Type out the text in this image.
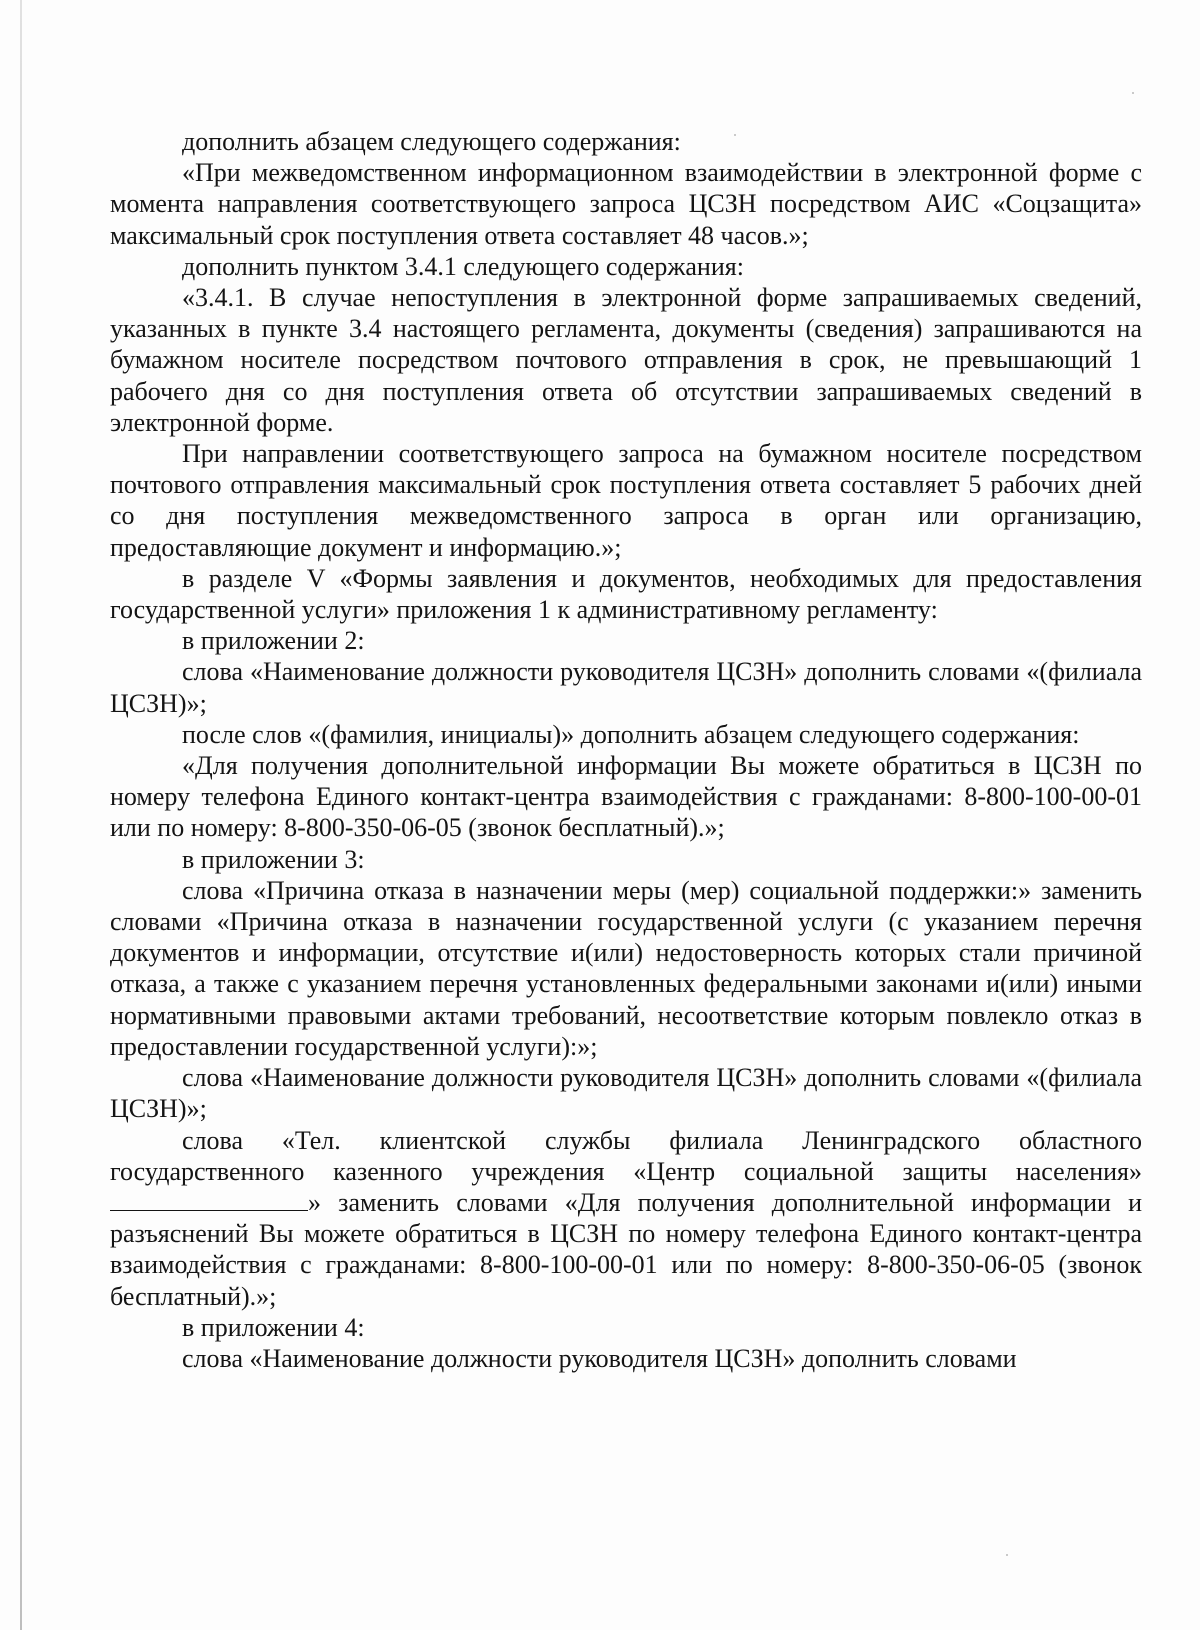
дополнить абзацем следующего содержания:

«При межведомственном информационном взаимодействии в электронной форме с момента направления соответствующего запроса ЦСЗН посредством АИС «Соцзащита» максимальный срок поступления ответа составляет 48 часов.»;

дополнить пунктом 3.4.1 следующего содержания:

«3.4.1. В случае непоступления в электронной форме запрашиваемых сведений, указанных в пункте 3.4 настоящего регламента, документы (сведения) запрашиваются на бумажном носителе посредством почтового отправления в срок, не превышающий 1 рабочего дня со дня поступления ответа об отсутствии запрашиваемых сведений в электронной форме.

При направлении соответствующего запроса на бумажном носителе посредством почтового отправления максимальный срок поступления ответа составляет 5 рабочих дней со дня поступления межведомственного запроса в орган или организацию, предоставляющие документ и информацию.»;

в разделе V «Формы заявления и документов, необходимых для предоставления государственной услуги» приложения 1 к административному регламенту:

в приложении 2:

слова «Наименование должности руководителя ЦСЗН» дополнить словами «(филиала ЦСЗН)»;

после слов «(фамилия, инициалы)» дополнить абзацем следующего содержания:

«Для получения дополнительной информации Вы можете обратиться в ЦСЗН по номеру телефона Единого контакт-центра взаимодействия с гражданами: 8-800-100-00-01 или по номеру: 8-800-350-06-05 (звонок бесплатный).»;

в приложении 3:

слова «Причина отказа в назначении меры (мер) социальной поддержки:» заменить словами «Причина отказа в назначении государственной услуги (с указанием перечня документов и информации, отсутствие и(или) недостоверность которых стали причиной отказа, а также с указанием перечня установленных федеральными законами и(или) иными нормативными правовыми актами требований, несоответствие которым повлекло отказ в предоставлении государственной услуги):»;

слова «Наименование должности руководителя ЦСЗН» дополнить словами «(филиала ЦСЗН)»;

слова «Тел. клиентской службы филиала Ленинградского областного государственного казенного учреждения «Центр социальной защиты населения» » заменить словами «Для получения дополнительной информации и разъяснений Вы можете обратиться в ЦСЗН по номеру телефона Единого контакт-центра взаимодействия с гражданами: 8-800-100-00-01 или по номеру: 8-800-350-06-05 (звонок бесплатный).»;

в приложении 4:

слова «Наименование должности руководителя ЦСЗН» дополнить словами
